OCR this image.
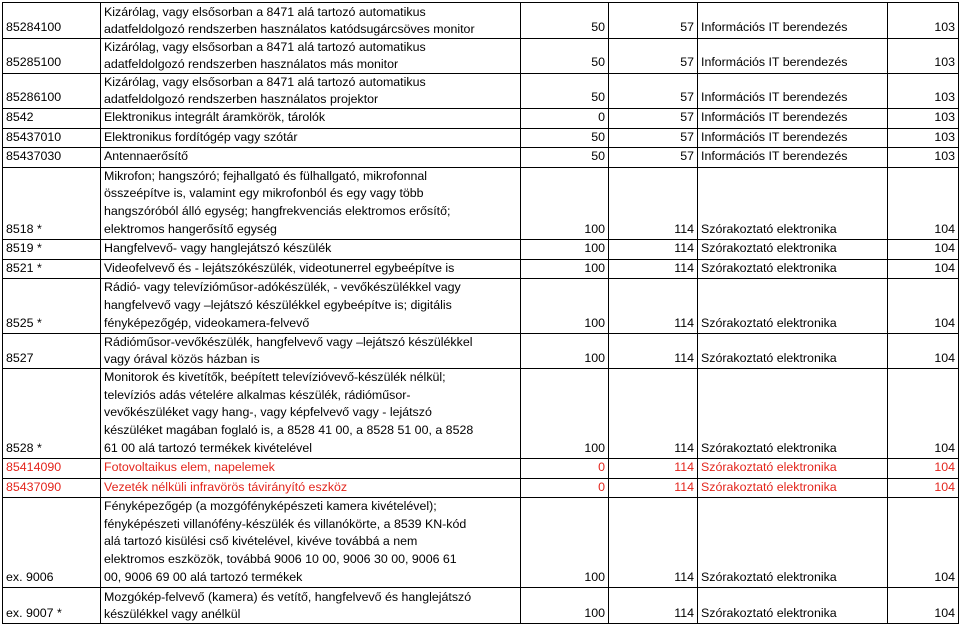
85284100	Kizárólag, vagy elsősorban a 8471 alá tartozó automatikus
adatfeldolgozó rendszerben használatos katódsugárcsöves monitor	50	57	Információs IT berendezés	103
85285100	Kizárólag, vagy elsősorban a 8471 alá tartozó automatikus
adatfeldolgozó rendszerben használatos más monitor	50	57	Információs IT berendezés	103
85286100	Kizárólag, vagy elsősorban a 8471 alá tartozó automatikus
adatfeldolgozó rendszerben használatos projektor	50	57	Információs IT berendezés	103
8542	Elektronikus integrált áramkörök, tárolók	0	57	Információs IT berendezés	103
85437010	Elektronikus fordítógép vagy szótár	50	57	Információs IT berendezés	103
85437030	Antennaerősítő	50	57	Információs IT berendezés	103
8518 *	Mikrofon; hangszóró; fejhallgató és fülhallgató, mikrofonnal
összeépítve is, valamint egy mikrofonból és egy vagy több
hangszóróból álló egység; hangfrekvenciás elektromos erősítő;
elektromos hangerősítő egység	100	114	Szórakoztató elektronika	104
8519 *	Hangfelvevő- vagy hanglejátszó készülék	100	114	Szórakoztató elektronika	104
8521 *	Videofelvevő és - lejátszókészülék, videotunerrel egybeépítve is	100	114	Szórakoztató elektronika	104
8525 *	Rádió- vagy televízióműsor-adókészülék, - vevőkészülékkel vagy
hangfelvevő vagy –lejátszó készülékkel egybeépítve is; digitális
fényképezőgép, videokamera-felvevő	100	114	Szórakoztató elektronika	104
8527	Rádióműsor-vevőkészülék, hangfelvevő vagy –lejátszó készülékkel
vagy órával közös házban is	100	114	Szórakoztató elektronika	104
8528 *	Monitorok és kivetítők, beépített televízióvevő-készülék nélkül;
televíziós adás vételére alkalmas készülék, rádióműsor-
vevőkészüléket vagy hang-, vagy képfelvevő vagy - lejátszó
készüléket magában foglaló is, a 8528 41 00, a 8528 51 00, a 8528
61 00 alá tartozó termékek kivételével	100	114	Szórakoztató elektronika	104
85414090	Fotovoltaikus elem, napelemek	0	114	Szórakoztató elektronika	104
85437090	Vezeték nélküli infravörös távirányító eszköz	0	114	Szórakoztató elektronika	104
ex. 9006	Fényképezőgép (a mozgófényképészeti kamera kivételével);
fényképészeti villanófény-készülék és villanókörte, a 8539 KN-kód
alá tartozó kisülési cső kivételével, kivéve továbbá a nem
elektromos eszközök, továbbá 9006 10 00, 9006 30 00, 9006 61
00, 9006 69 00 alá tartozó termékek	100	114	Szórakoztató elektronika	104
ex. 9007 *	Mozgókép-felvevő (kamera) és vetítő, hangfelvevő és hanglejátszó
készülékkel vagy anélkül	100	114	Szórakoztató elektronika	104
